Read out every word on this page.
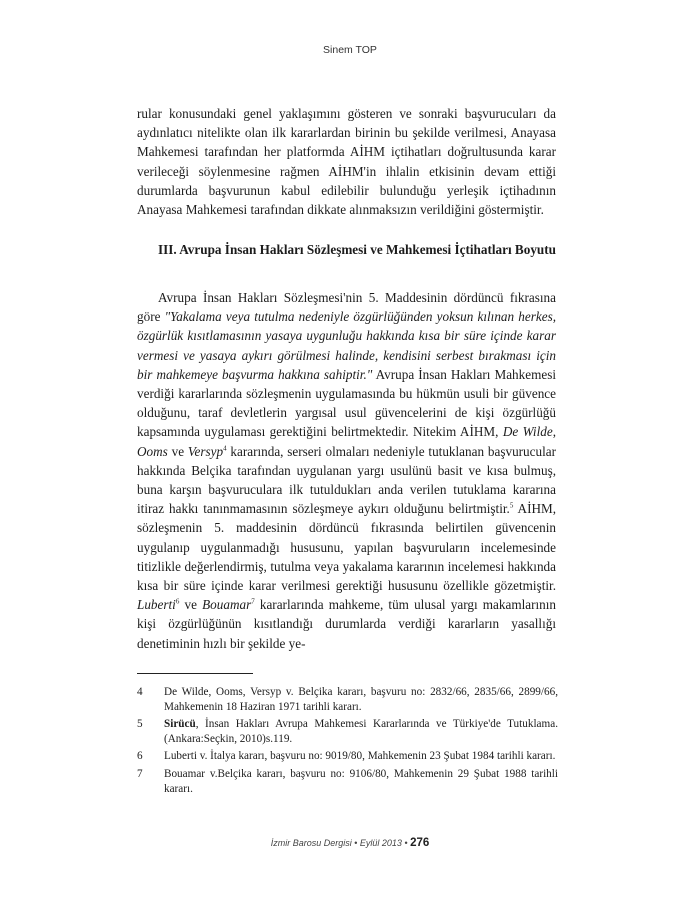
Sinem TOP
rular konusundaki genel yaklaşımını gösteren ve sonraki başvurucuları da aydınlatıcı nitelikte olan ilk kararlardan birinin bu şekilde verilmesi, Anayasa Mahkemesi tarafından her platformda AİHM içtihatları doğrultusunda karar verileceği söylenmesine rağmen AİHM'in ihlalin etkisinin devam ettiği durumlarda başvurunun kabul edilebilir bulunduğu yerleşik içtihadının Anayasa Mahkemesi tarafından dikkate alınmaksızın verildiğini göstermiştir.
III. Avrupa İnsan Hakları Sözleşmesi ve Mahkemesi İçtihatları Boyutu
Avrupa İnsan Hakları Sözleşmesi'nin 5. Maddesinin dördüncü fıkrasına göre "Yakalama veya tutulma nedeniyle özgürlüğünden yoksun kılınan herkes, özgürlük kısıtlamasının yasaya uygunluğu hakkında kısa bir süre içinde karar vermesi ve yasaya aykırı görülmesi halinde, kendisini serbest bırakması için bir mahkemeye başvurma hakkına sahiptir." Avrupa İnsan Hakları Mahkemesi verdiği kararlarında sözleşmenin uygulamasında bu hükmün usuli bir güvence olduğunu, taraf devletlerin yargısal usul güvencelerini de kişi özgürlüğü kapsamında uygulaması gerektiğini belirtmektedir. Nitekim AİHM, De Wilde, Ooms ve Versyp$^4$ kararında, serseri olmaları nedeniyle tutuklanan başvurucular hakkında Belçika tarafından uygulanan yargı usulünü basit ve kısa bulmuş, buna karşın başvuruculara ilk tutuldukları anda verilen tutuklama kararına itiraz hakkı tanınmamasının sözleşmeye aykırı olduğunu belirtmiştir.$^5$ AİHM, sözleşmenin 5. maddesinin dördüncü fıkrasında belirtilen güvencenin uygulanıp uygulanmadığı hususunu, yapılan başvuruların incelemesinde titizlikle değerlendirmiş, tutulma veya yakalama kararının incelemesi hakkında kısa bir süre içinde karar verilmesi gerektiği hususunu özellikle gözetmiştir. Luberti$^6$ ve Bouamar$^7$ kararlarında mahkeme, tüm ulusal yargı makamlarının kişi özgürlüğünün kısıtlandığı durumlarda verdiği kararların yasallığı denetiminin hızlı bir şekilde ye-
4 De Wilde, Ooms, Versyp v. Belçika kararı, başvuru no: 2832/66, 2835/66, 2899/66, Mahkemenin 18 Haziran 1971 tarihli kararı.
5 Sirücü, İnsan Hakları Avrupa Mahkemesi Kararlarında ve Türkiye'de Tutuklama. (Ankara:Seçkin, 2010)s.119.
6 Luberti v. İtalya kararı, başvuru no: 9019/80, Mahkemenin 23 Şubat 1984 tarihli kararı.
7 Bouamar v.Belçika kararı, başvuru no: 9106/80, Mahkemenin 29 Şubat 1988 tarihli kararı.
İzmir Barosu Dergisi • Eylül 2013 • 276
